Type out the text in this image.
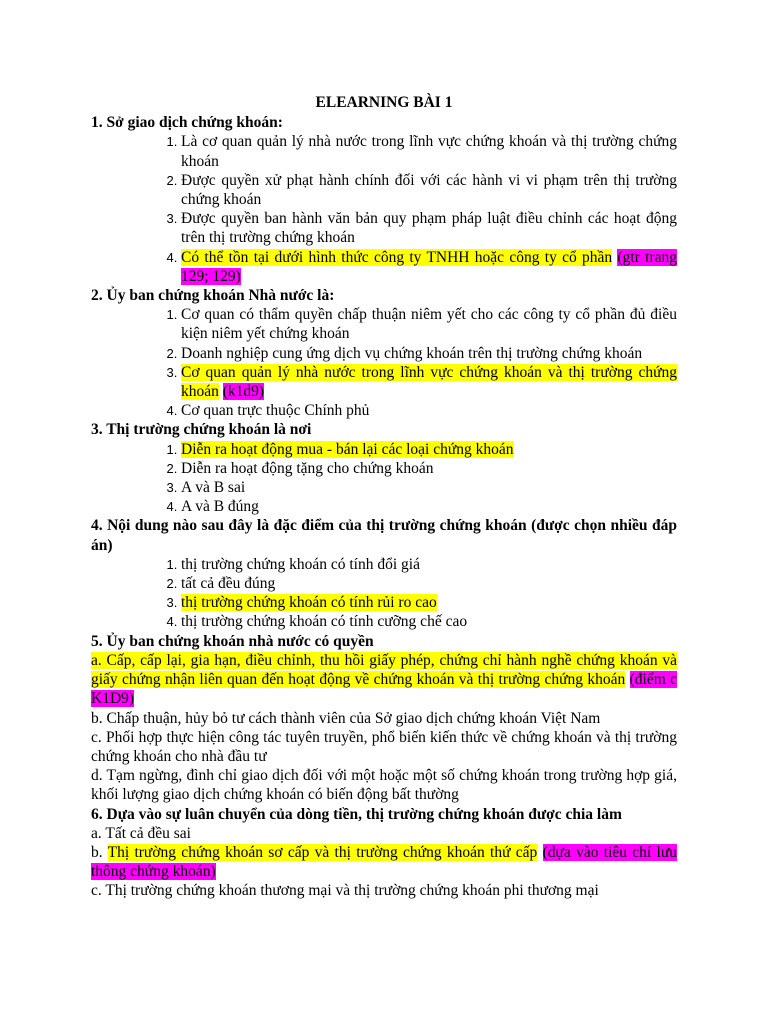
ELEARNING BÀI 1
1. Sở giao dịch chứng khoán:
1. Là cơ quan quản lý nhà nước trong lĩnh vực chứng khoán và thị trường chứng khoán
2. Được quyền xử phạt hành chính đối với các hành vi vi phạm trên thị trường chứng khoán
3. Được quyền ban hành văn bản quy phạm pháp luật điều chỉnh các hoạt động trên thị trường chứng khoán
4. Có thể tồn tại dưới hình thức công ty TNHH hoặc công ty cổ phần (gtr trang 129; 129)
2. Ủy ban chứng khoán Nhà nước là:
1. Cơ quan có thẩm quyền chấp thuận niêm yết cho các công ty cổ phần đủ điều kiện niêm yết chứng khoán
2. Doanh nghiệp cung ứng dịch vụ chứng khoán trên thị trường chứng khoán
3. Cơ quan quản lý nhà nước trong lĩnh vực chứng khoán và thị trường chứng khoán (k1d9)
4. Cơ quan trực thuộc Chính phủ
3. Thị trường chứng khoán là nơi
1. Diễn ra hoạt động mua - bán lại các loại chứng khoán
2. Diễn ra hoạt động tặng cho chứng khoán
3. A và B sai
4. A và B đúng
4. Nội dung nào sau đây là đặc điểm của thị trường chứng khoán (được chọn nhiều đáp án)
1. thị trường chứng khoán có tính đổi giá
2. tất cả đều đúng
3. thị trường chứng khoán có tính rủi ro cao
4. thị trường chứng khoán có tính cưỡng chế cao
5. Ủy ban chứng khoán nhà nước có quyền
a. Cấp, cấp lại, gia hạn, điều chỉnh, thu hồi giấy phép, chứng chỉ hành nghề chứng khoán và giấy chứng nhận liên quan đến hoạt động về chứng khoán và thị trường chứng khoán (điểm c K1D9)
b. Chấp thuận, hủy bỏ tư cách thành viên của Sở giao dịch chứng khoán Việt Nam
c. Phối hợp thực hiện công tác tuyên truyền, phổ biến kiến thức về chứng khoán và thị trường chứng khoán cho nhà đầu tư
d. Tạm ngừng, đình chỉ giao dịch đối với một hoặc một số chứng khoán trong trường hợp giá, khối lượng giao dịch chứng khoán có biến động bất thường
6. Dựa vào sự luân chuyển của dòng tiền, thị trường chứng khoán được chia làm
a. Tất cả đều sai
b. Thị trường chứng khoán sơ cấp và thị trường chứng khoán thứ cấp (dựa vào tiêu chí lưu thông chứng khoán)
c. Thị trường chứng khoán thương mại và thị trường chứng khoán phi thương mại
